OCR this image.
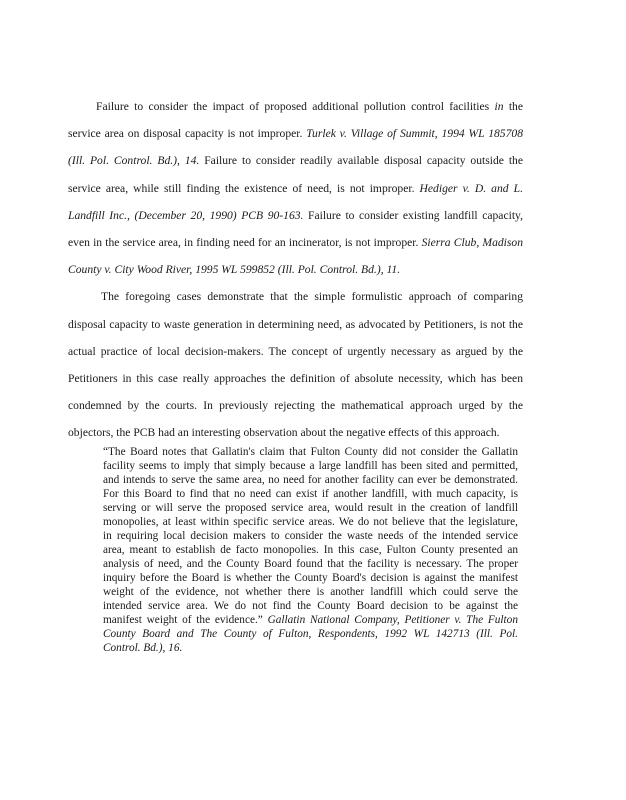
Failure to consider the impact of proposed additional pollution control facilities in the
service area on disposal capacity is not improper. Turlek v. Village of Summit, 1994 WL 185708
(Ill. Pol. Control. Bd.), 14. Failure to consider readily available disposal capacity outside the
service area, while still finding the existence of need, is not improper. Hediger v. D. and L.
Landfill Inc., (December 20, 1990) PCB 90-163. Failure to consider existing landfill capacity,
even in the service area, in finding need for an incinerator, is not improper. Sierra Club, Madison
County v. City Wood River, 1995 WL 599852 (Ill. Pol. Control. Bd.), 11.
The foregoing cases demonstrate that the simple formulistic approach of comparing
disposal capacity to waste generation in determining need, as advocated by Petitioners, is not the
actual practice of local decision-makers. The concept of urgently necessary as argued by the
Petitioners in this case really approaches the definition of absolute necessity, which has been
condemned by the courts. In previously rejecting the mathematical approach urged by the
objectors, the PCB had an interesting observation about the negative effects of this approach.
“The Board notes that Gallatin's claim that Fulton County did not consider the Gallatin
facility seems to imply that simply because a large landfill has been sited and permitted,
and intends to serve the same area, no need for another facility can ever be demonstrated.
For this Board to find that no need can exist if another landfill, with much capacity, is
serving or will serve the proposed service area, would result in the creation of landfill
monopolies, at least within specific service areas. We do not believe that the legislature,
in requiring local decision makers to consider the waste needs of the intended service
area, meant to establish de facto monopolies. In this case, Fulton County presented an
analysis of need, and the County Board found that the facility is necessary. The proper
inquiry before the Board is whether the County Board's decision is against the manifest
weight of the evidence, not whether there is another landfill which could serve the
intended service area. We do not find the County Board decision to be against the
manifest weight of the evidence.” Gallatin National Company, Petitioner v. The Fulton
County Board and The County of Fulton, Respondents, 1992 WL 142713 (Ill. Pol.
Control. Bd.), 16.
